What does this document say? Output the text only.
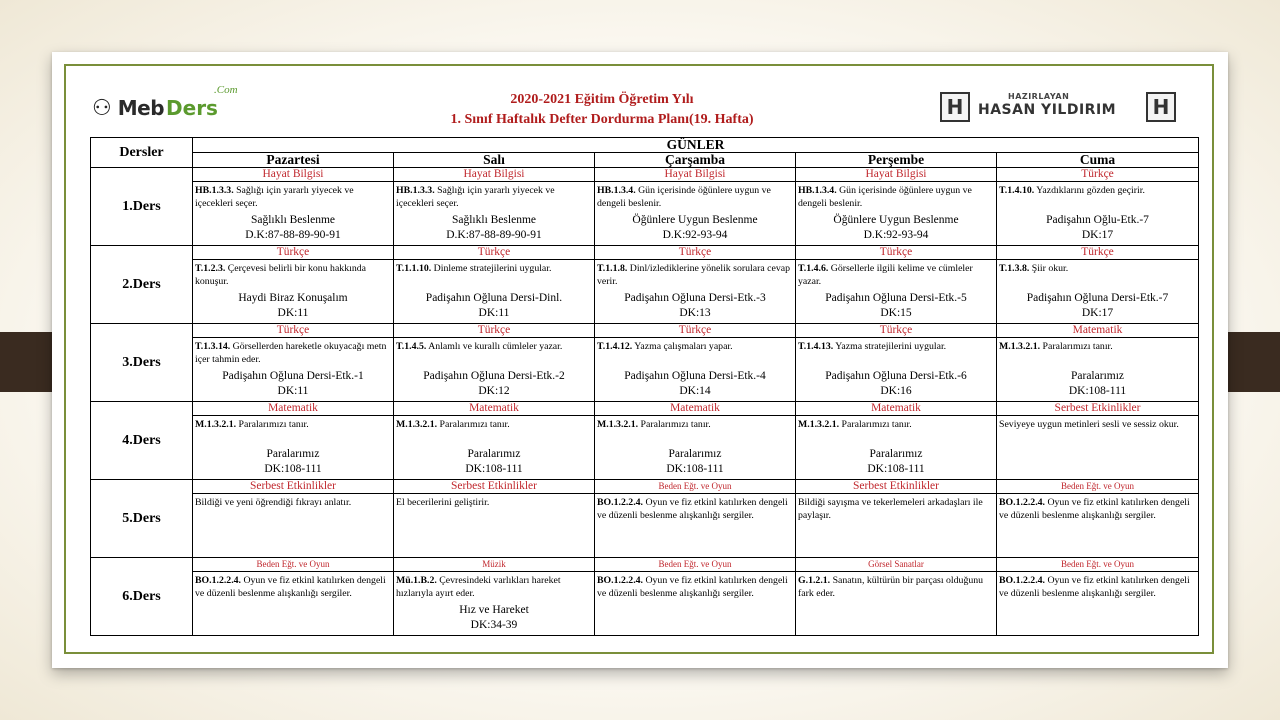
⚇ Meb Ders
.Com
2020-2021 Eğitim Öğretim Yılı
1. Sınıf Haftalık Defter Dordurma Planı(19. Hafta)
H	HAZIRLAYAN
HASAN YILDIRIM	H
Dersler	GÜNLER				
	Pazartesi	Salı	Çarşamba	Perşembe	Cuma
1.Ders	Hayat Bilgisi
HB.1.3.3. Sağlığı için yararlı yiyecek ve içecekleri seçer.
Sağlıklı Beslenme
D.K:87-88-89-90-91	Hayat Bilgisi
HB.1.3.3. Sağlığı için yararlı yiyecek ve içecekleri seçer.
Sağlıklı Beslenme
D.K:87-88-89-90-91	Hayat Bilgisi
HB.1.3.4. Gün içerisinde öğünlere uygun ve dengeli beslenir.
Öğünlere Uygun Beslenme
D.K:92-93-94	Hayat Bilgisi
HB.1.3.4. Gün içerisinde öğünlere uygun ve dengeli beslenir.
Öğünlere Uygun Beslenme
D.K:92-93-94	Türkçe
T.1.4.10. Yazdıklarını gözden geçirir.
Padişahın Oğlu-Etk.-7
DK:17

2.Ders	Türkçe
T.1.2.3. Çerçevesi belirli bir konu hakkında konuşur.
Haydi Biraz Konuşalım
DK:11	Türkçe
T.1.1.10. Dinleme stratejilerini uygular.
Padişahın Oğluna Dersi-Dinl.
DK:11	Türkçe
T.1.1.8. Dinl/izlediklerine yönelik sorulara cevap verir.
Padişahın Oğluna Dersi-Etk.-3
DK:13	Türkçe
T.1.4.6. Görsellerle ilgili kelime ve cümleler yazar.
Padişahın Oğluna Dersi-Etk.-5
DK:15	Türkçe
T.1.3.8. Şiir okur.
Padişahın Oğluna Dersi-Etk.-7
DK:17

3.Ders	Türkçe
T.1.3.14. Görsellerden hareketle okuyacağı metn içer tahmin eder.
Padişahın Oğluna Dersi-Etk.-1
DK:11	Türkçe
T.1.4.5. Anlamlı ve kurallı cümleler yazar.
Padişahın Oğluna Dersi-Etk.-2
DK:12	Türkçe
T.1.4.12. Yazma çalışmaları yapar.
Padişahın Oğluna Dersi-Etk.-4
DK:14	Türkçe
T.1.4.13. Yazma stratejilerini uygular.
Padişahın Oğluna Dersi-Etk.-6
DK:16	Matematik
M.1.3.2.1. Paralarımızı tanır.
Paralarımız
DK:108-111

4.Ders	Matematik
M.1.3.2.1. Paralarımızı tanır.
Paralarımız
DK:108-111	Matematik
M.1.3.2.1. Paralarımızı tanır.
Paralarımız
DK:108-111	Matematik
M.1.3.2.1. Paralarımızı tanır.
Paralarımız
DK:108-111	Matematik
M.1.3.2.1. Paralarımızı tanır.
Paralarımız
DK:108-111	Serbest Etkinlikler
Seviyeye uygun metinleri sesli ve sessiz okur.

5.Ders	Serbest Etkinlikler
Bildiği ve yeni öğrendiği fıkrayı anlatır.	Serbest Etkinlikler
El becerilerini geliştirir.	Beden Eğt. ve Oyun
BO.1.2.2.4. Oyun ve fiz etkinl katılırken dengeli ve düzenli beslenme alışkanlığı sergiler.	Serbest Etkinlikler
Bildiği sayışma ve tekerlemeleri arkadaşları ile paylaşır.	Beden Eğt. ve Oyun
BO.1.2.2.4. Oyun ve fiz etkinl katılırken dengeli ve düzenli beslenme alışkanlığı sergiler.

6.Ders	Beden Eğt. ve Oyun
BO.1.2.2.4. Oyun ve fiz etkinl katılırken dengeli ve düzenli beslenme alışkanlığı sergiler.	Müzik
Mü.1.B.2. Çevresindeki varlıkları hareket hızlarıyla ayırt eder.
Hız ve Hareket
DK:34-39	Beden Eğt. ve Oyun
BO.1.2.2.4. Oyun ve fiz etkinl katılırken dengeli ve düzenli beslenme alışkanlığı sergiler.	Görsel Sanatlar
G.1.2.1. Sanatın, kültürün bir parçası olduğunu fark eder.	Beden Eğt. ve Oyun
BO.1.2.2.4. Oyun ve fiz etkinl katılırken dengeli ve düzenli beslenme alışkanlığı sergiler.
